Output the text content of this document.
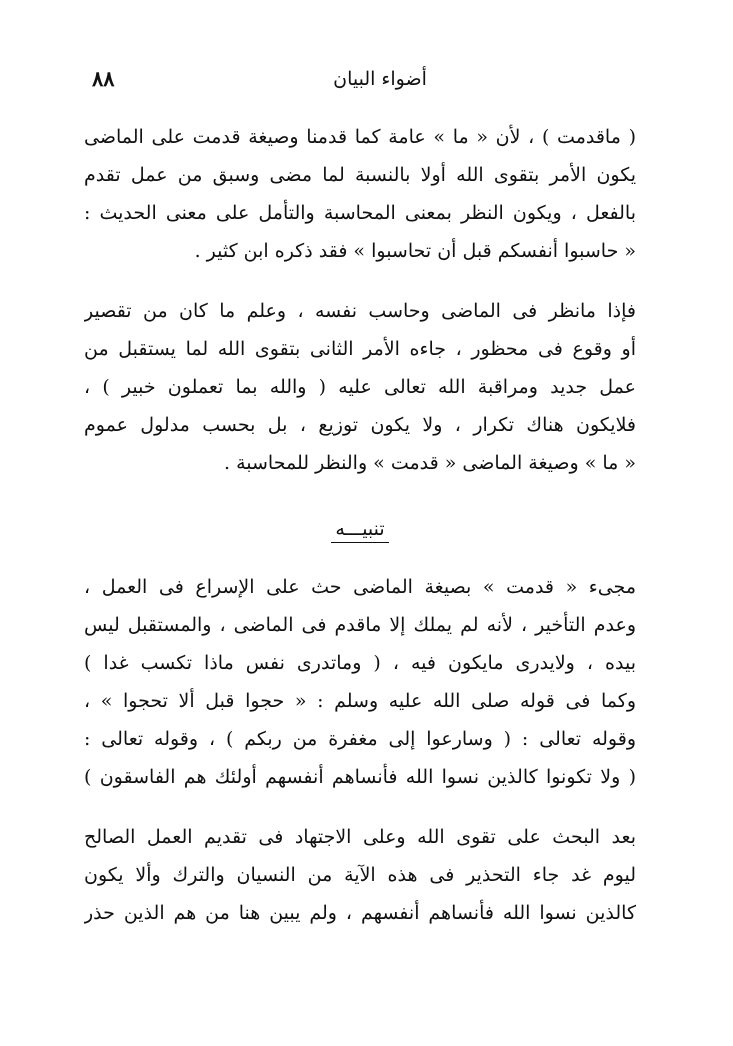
٨٨	أضواء البيان
( ماقدمت ) ، لأن « ما » عامة كما قدمنا وصيغة قدمت على الماضى
يكون الأمر بتقوى الله أولا بالنسبة لما مضى وسبق من عمل تقدم
بالفعل ، ويكون النظر بمعنى المحاسبة والتأمل على معنى الحديث :
« حاسبوا أنفسكم قبل أن تحاسبوا » فقد ذكره ابن كثير .
فإذا مانظر فى الماضى وحاسب نفسه ، وعلم ما كان من تقصير
أو وقوع فى محظور ، جاءه الأمر الثانى بتقوى الله لما يستقبل من
عمل جديد ومراقبة الله تعالى عليه ( والله بما تعملون خبير ) ،
فلايكون هناك تكرار ، ولا يكون توزيع ، بل بحسب مدلول عموم
« ما » وصيغة الماضى « قدمت » والنظر للمحاسبة .
تنبيـــه
مجىء « قدمت » بصيغة الماضى حث على الإسراع فى العمل ،
وعدم التأخير ، لأنه لم يملك إلا ماقدم فى الماضى ، والمستقبل ليس
بيده ، ولايدرى مايكون فيه ، ( وماتدرى نفس ماذا تكسب غدا )
وكما فى قوله صلى الله عليه وسلم : « حجوا قبل ألا تحجوا » ،
وقوله تعالى : ( وسارعوا إلى مغفرة من ربكم ) ، وقوله تعالى :
( ولا تكونوا كالذين نسوا الله فأنساهم أنفسهم أولئك هم الفاسقون )
بعد البحث على تقوى الله وعلى الاجتهاد فى تقديم العمل الصالح
ليوم غد جاء التحذير فى هذه الآية من النسيان والترك وألا يكون
كالذين نسوا الله فأنساهم أنفسهم ، ولم يبين هنا من هم الذين حذر
